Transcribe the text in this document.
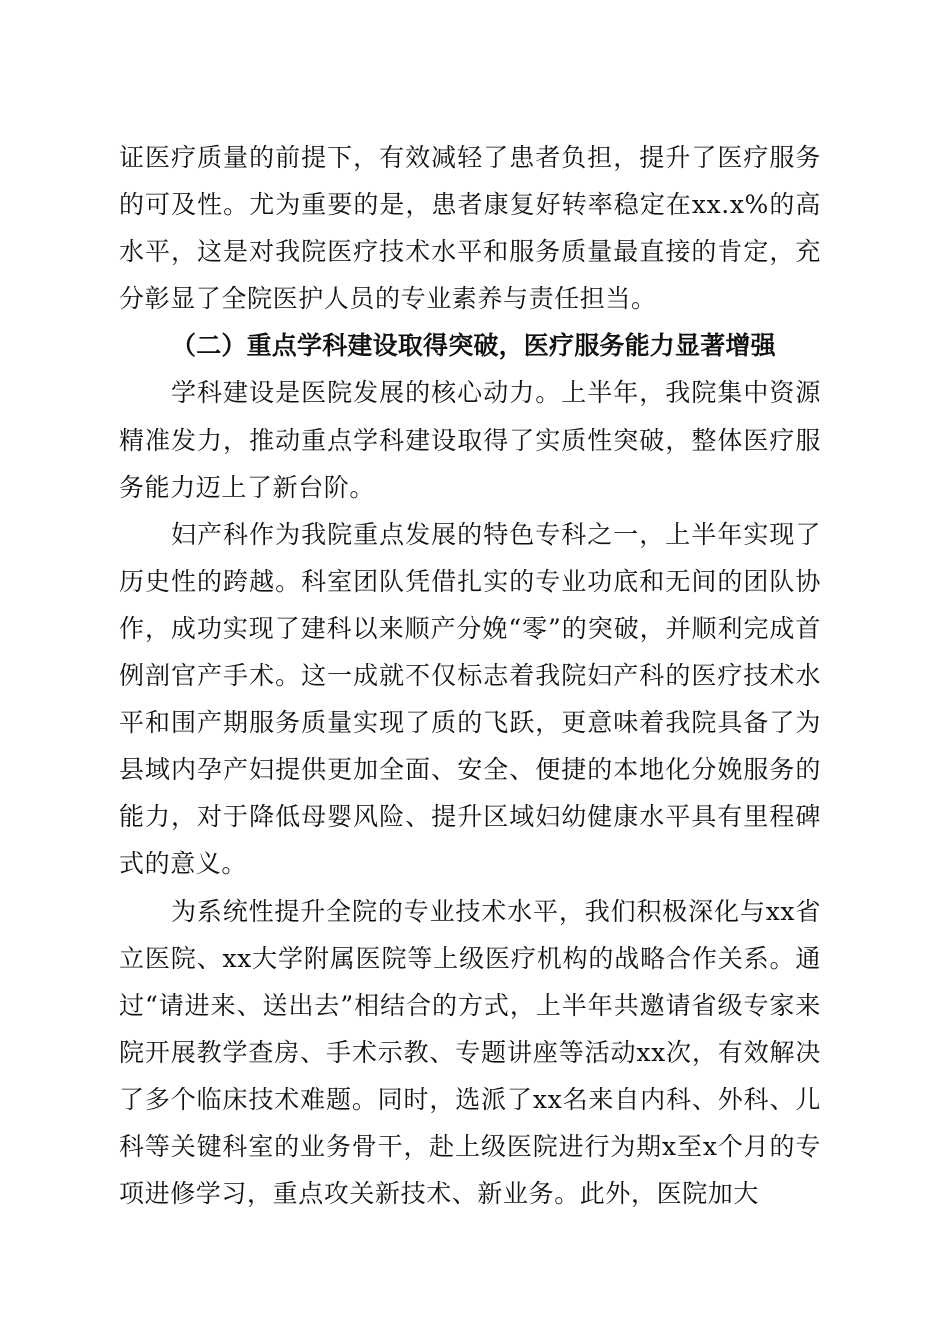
证医疗质量的前提下，有效减轻了患者负担，提升了医疗服务的可及性。尤为重要的是，患者康复好转率稳定在xx.x%的高水平，这是对我院医疗技术水平和服务质量最直接的肯定，充分彰显了全院医护人员的专业素养与责任担当。

（二）重点学科建设取得突破，医疗服务能力显著增强

学科建设是医院发展的核心动力。上半年，我院集中资源精准发力，推动重点学科建设取得了实质性突破，整体医疗服务能力迈上了新台阶。

妇产科作为我院重点发展的特色专科之一，上半年实现了历史性的跨越。科室团队凭借扎实的专业功底和无间的团队协作，成功实现了建科以来顺产分娩“零”的突破，并顺利完成首例剖官产手术。这一成就不仅标志着我院妇产科的医疗技术水平和围产期服务质量实现了质的飞跃，更意味着我院具备了为县域内孕产妇提供更加全面、安全、便捷的本地化分娩服务的能力，对于降低母婴风险、提升区域妇幼健康水平具有里程碑式的意义。

为系统性提升全院的专业技术水平，我们积极深化与xx省立医院、xx大学附属医院等上级医疗机构的战略合作关系。通过“请进来、送出去”相结合的方式，上半年共邀请省级专家来院开展教学查房、手术示教、专题讲座等活动xx次，有效解决了多个临床技术难题。同时，选派了xx名来自内科、外科、儿科等关键科室的业务骨干，赴上级医院进行为期x至x个月的专项进修学习，重点攻关新技术、新业务。此外，医院加大
